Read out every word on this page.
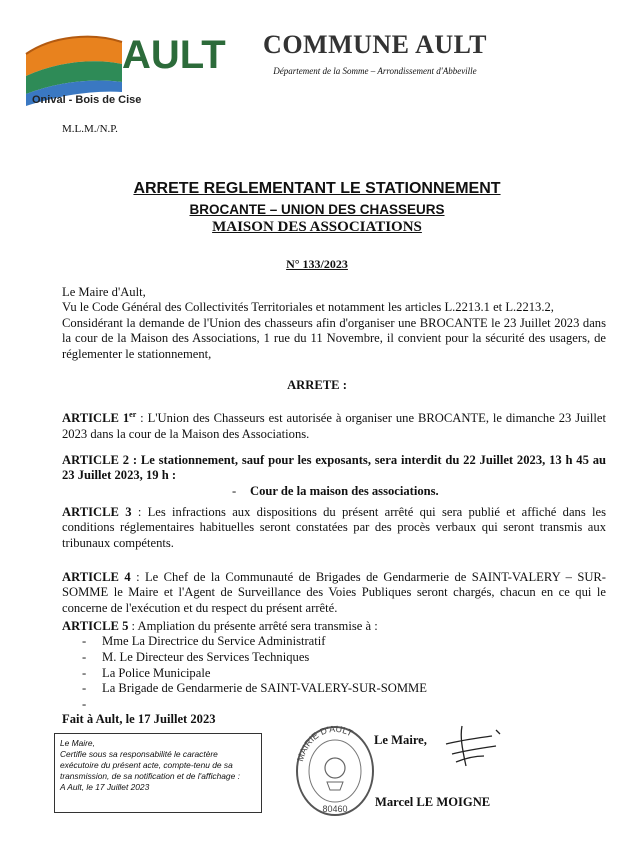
AULT
Onival - Bois de Cise
COMMUNE AULT
Département de la Somme – Arrondissement d'Abbeville
M.L.M./N.P.
ARRETE REGLEMENTANT LE STATIONNEMENT
BROCANTE – UNION DES CHASSEURS
MAISON DES ASSOCIATIONS
N° 133/2023
Le Maire d'Ault,
Vu le Code Général des Collectivités Territoriales et notamment les articles L.2213.1 et L.2213.2,
Considérant la demande de l'Union des chasseurs afin d'organiser une BROCANTE le 23 Juillet 2023 dans la cour de la Maison des Associations, 1 rue du 11 Novembre, il convient pour la sécurité des usagers, de réglementer le stationnement,
ARRETE :
ARTICLE 1er : L'Union des Chasseurs est autorisée à organiser une BROCANTE, le dimanche 23 Juillet 2023 dans la cour de la Maison des Associations.
ARTICLE 2 : Le stationnement, sauf pour les exposants, sera interdit du 22 Juillet 2023, 13 h 45 au 23 Juillet 2023, 19 h :
- Cour de la maison des associations.
ARTICLE 3 : Les infractions aux dispositions du présent arrêté qui sera publié et affiché dans les conditions réglementaires habituelles seront constatées par des procès verbaux qui seront transmis aux tribunaux compétents.
ARTICLE 4 : Le Chef de la Communauté de Brigades de Gendarmerie de SAINT-VALERY – SUR-SOMME le Maire et l'Agent de Surveillance des Voies Publiques seront chargés, chacun en ce qui le concerne de l'exécution et du respect du présent arrêté.
ARTICLE 5 : Ampliation du présente arrêté sera transmise à :
- Mme La Directrice du Service Administratif
- M. Le Directeur des Services Techniques
- La Police Municipale
- La Brigade de Gendarmerie de SAINT-VALERY-SUR-SOMME
-
Fait à Ault, le 17 Juillet 2023
Le Maire,
Certifie sous sa responsabilité le caractère exécutoire du présent acte, compte-tenu de sa transmission, de sa notification et de l'affichage :
A Ault, le 17 Juillet 2023
MAIRIE D'AULT
80460
Le Maire,
Marcel LE MOIGNE
